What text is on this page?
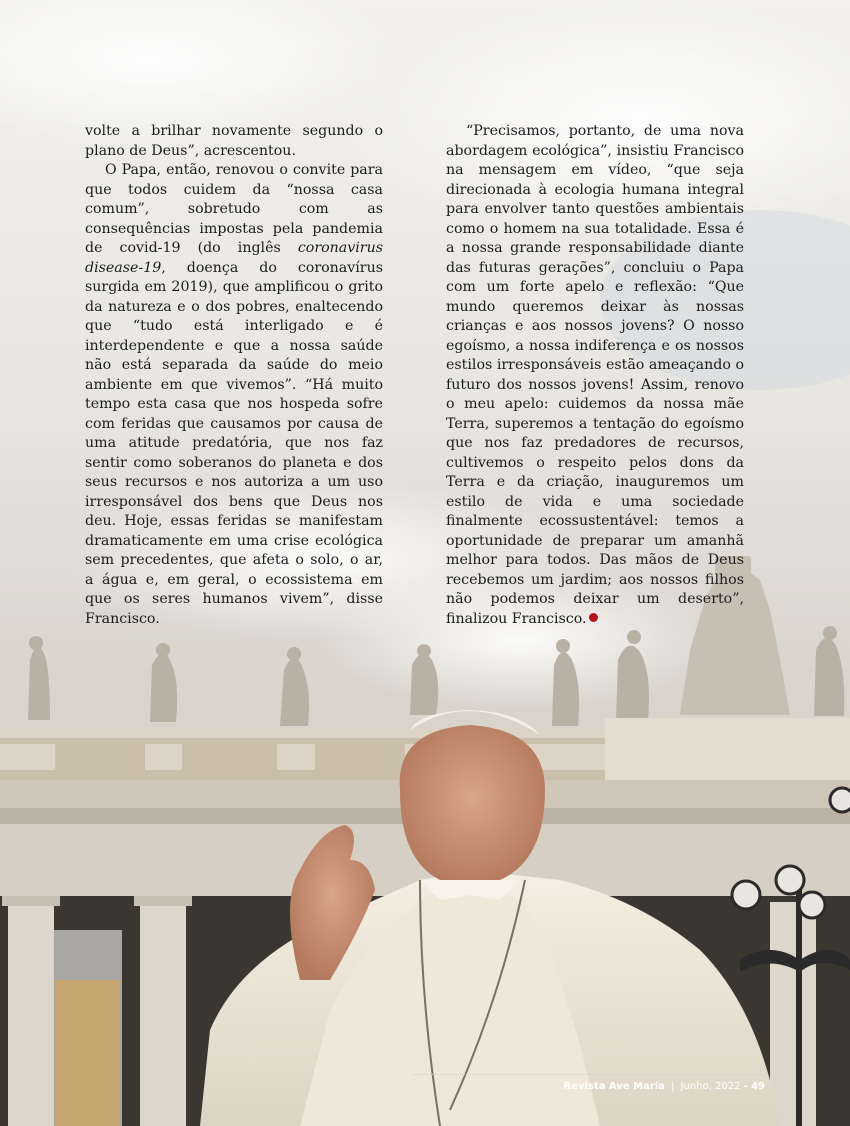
volte a brilhar novamente segundo o plano de Deus”, acrescentou.

O Papa, então, renovou o convite para que todos cuidem da “nossa casa comum”, sobretudo com as consequências impostas pela pandemia de covid-19 (do inglês coronavirus disease-19, doença do coronavírus surgida em 2019), que amplificou o grito da natureza e o dos pobres, enaltecendo que “tudo está interligado e é interdependente e que a nossa saúde não está separada da saúde do meio ambiente em que vivemos”. “Há muito tempo esta casa que nos hospeda sofre com feridas que causamos por causa de uma atitude predatória, que nos faz sentir como soberanos do planeta e dos seus recursos e nos autoriza a um uso irresponsável dos bens que Deus nos deu. Hoje, essas feridas se manifestam dramaticamente em uma crise ecológica sem precedentes, que afeta o solo, o ar, a água e, em geral, o ecossistema em que os seres humanos vivem”, disse Francisco.

“Precisamos, portanto, de uma nova abordagem ecológica”, insistiu Francisco na mensagem em vídeo, “que seja direcionada à ecologia humana integral para envolver tanto questões ambientais como o homem na sua totalidade. Essa é a nossa grande responsabilidade diante das futuras gerações”, concluiu o Papa com um forte apelo e reflexão: “Que mundo queremos deixar às nossas crianças e aos nossos jovens? O nosso egoísmo, a nossa indiferença e os nossos estilos irresponsáveis estão ameaçando o futuro dos nossos jovens! Assim, renovo o meu apelo: cuidemos da nossa mãe Terra, superemos a tentação do egoísmo que nos faz predadores de recursos, cultivemos o respeito pelos dons da Terra e da criação, inauguremos um estilo de vida e uma sociedade finalmente ecossustentável: temos a oportunidade de preparar um amanhã melhor para todos. Das mãos de Deus recebemos um jardim; aos nossos filhos não podemos deixar um deserto”, finalizou Francisco.

Revista Ave Maria | Junho, 2022 - 49
